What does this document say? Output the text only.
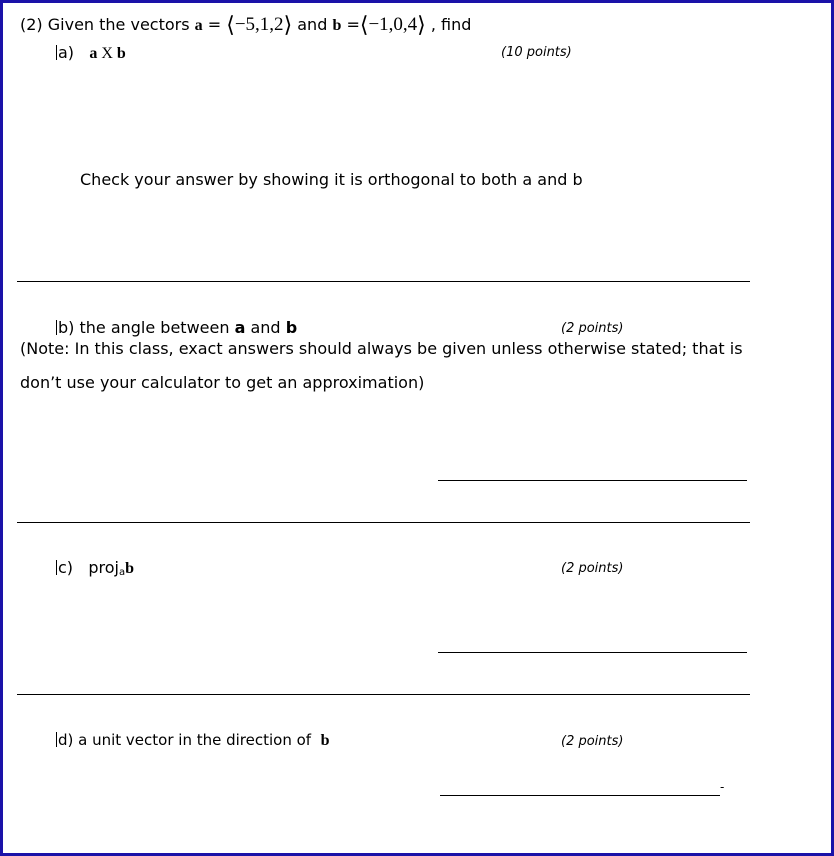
(2) Given the vectors a = ⟨−5,1,2⟩ and b =⟨−1,0,4⟩ , find
a) a X b	(10 points)
Check your answer by showing it is orthogonal to both a and b
b) the angle between a and b	(2 points)
(Note: In this class, exact answers should always be given unless otherwise stated; that is
don’t use your calculator to get an approximation)
c) proj$_a$b	(2 points)
d) a unit vector in the direction of b	(2 points)
-
